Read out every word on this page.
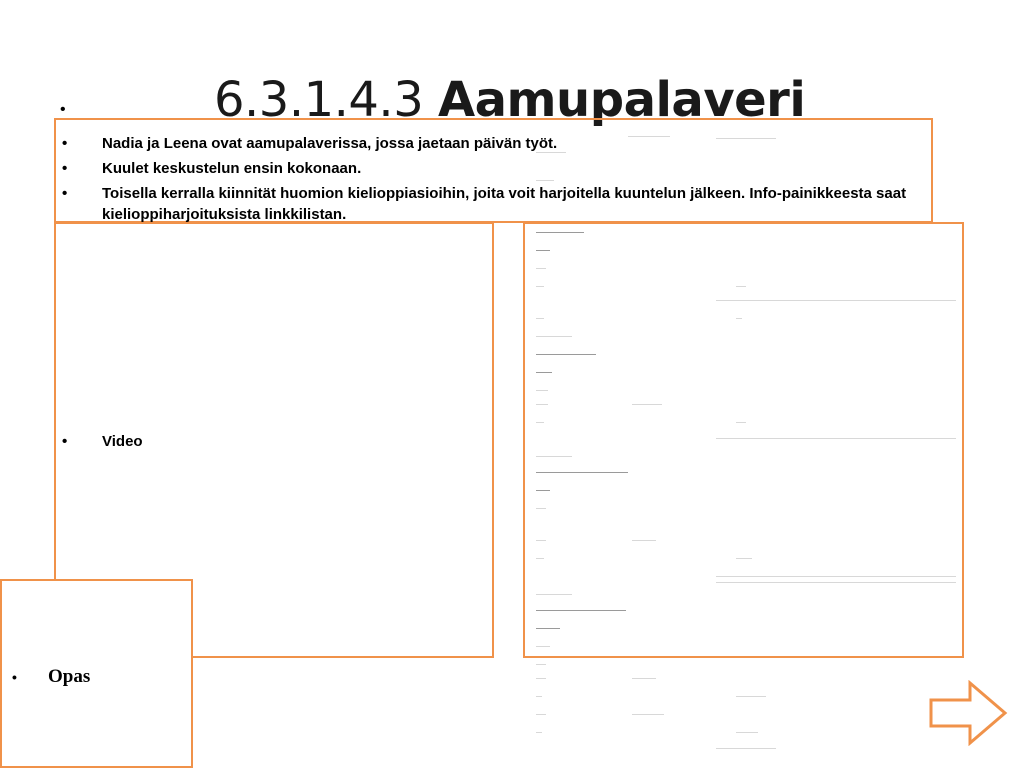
•	6.3.1.4.3 Aamupalaveri
•	Nadia ja Leena ovat aamupalaverissa, jossa jaetaan päivän työt.
•	Kuulet keskustelun ensin kokonaan.
•	Toisella kerralla kiinnität huomion kielioppiasioihin, joita voit harjoitella kuuntelun jälkeen. Info-painikkeesta saat kielioppiharjoituksista linkkilistan.
• Video
• Opas
